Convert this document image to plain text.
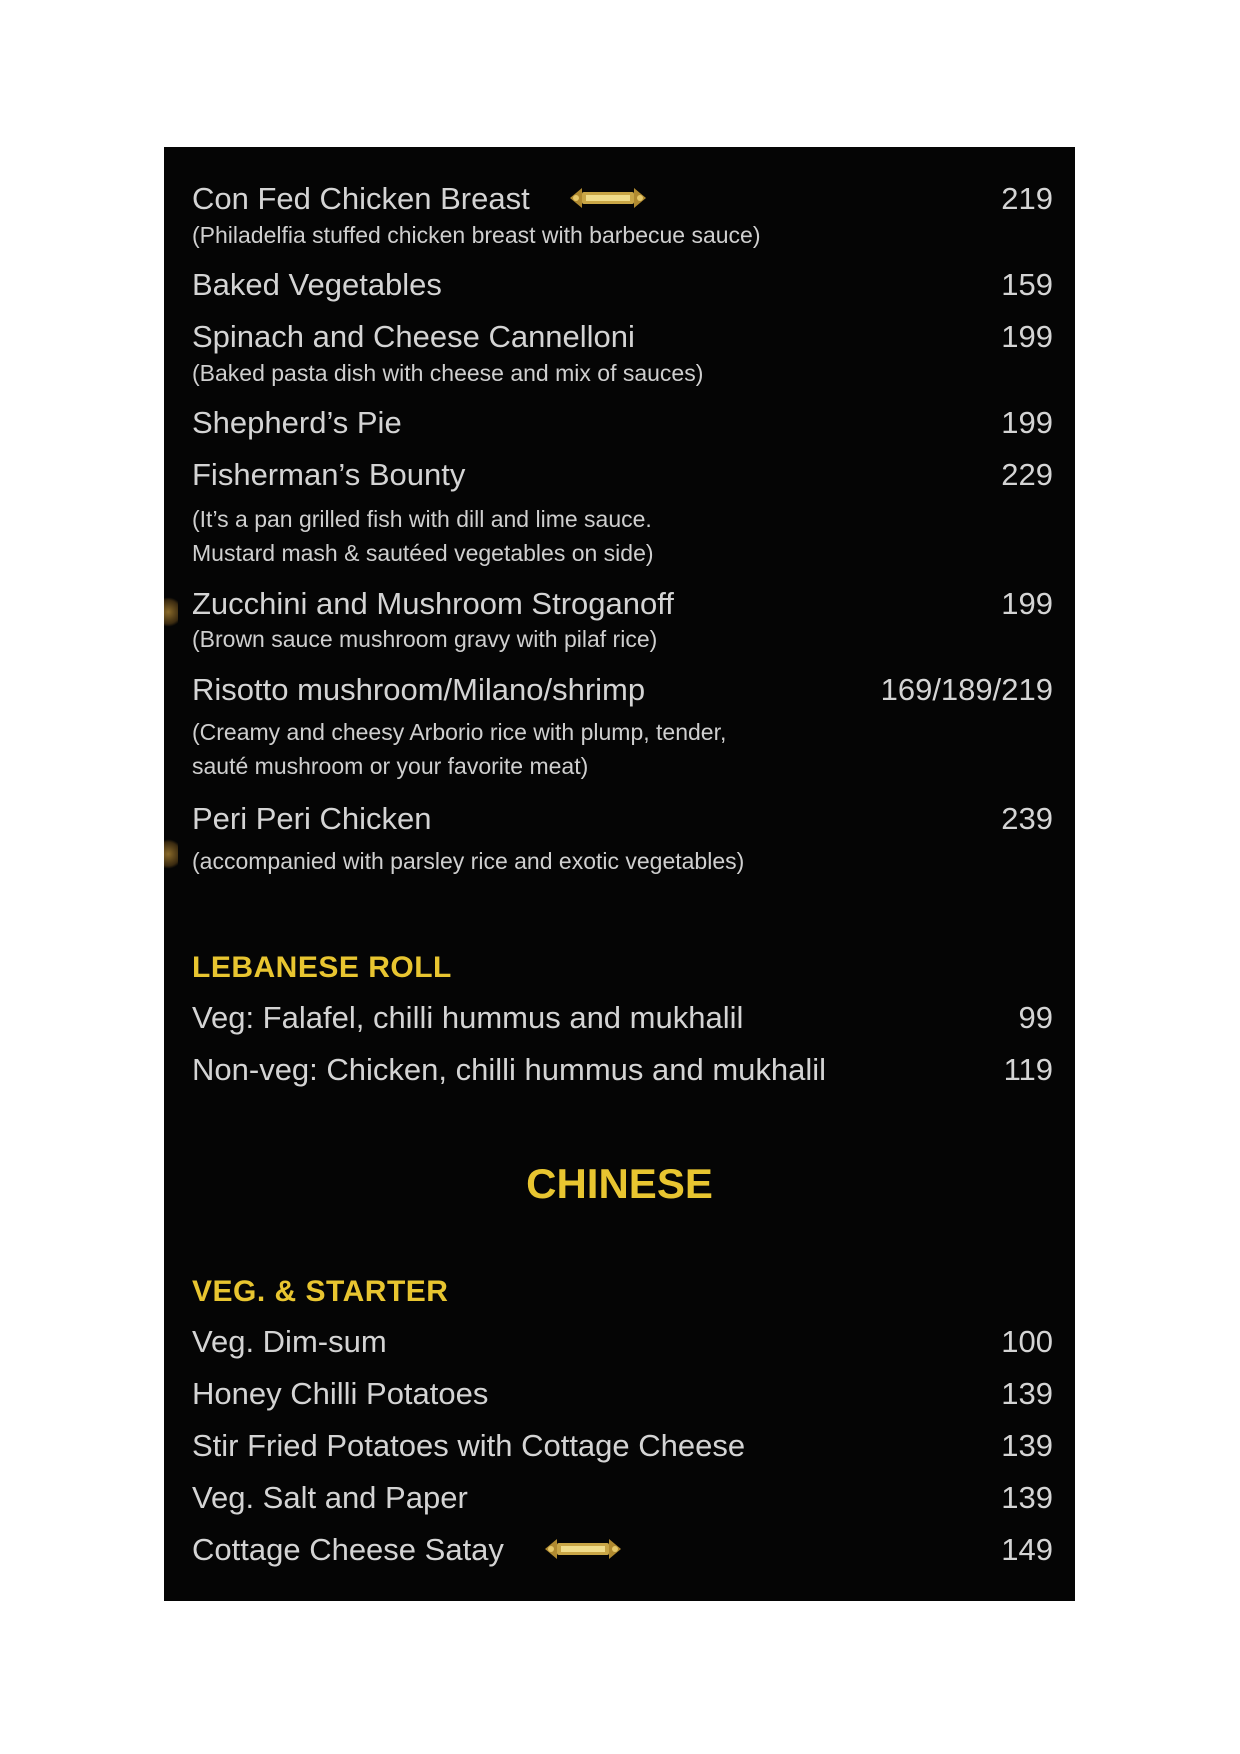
Con Fed Chicken Breast	219
(Philadelfia stuffed chicken breast with barbecue sauce)
Baked Vegetables	159
Spinach and Cheese Cannelloni	199
(Baked pasta dish with cheese and mix of sauces)
Shepherd’s Pie	199
Fisherman’s Bounty	229
(It’s a pan grilled fish with dill and lime sauce.
Mustard mash & sautéed vegetables on side)
Zucchini and Mushroom Stroganoff	199
(Brown sauce mushroom gravy with pilaf rice)
Risotto mushroom/Milano/shrimp	169/189/219
(Creamy and cheesy Arborio rice with plump, tender,
sauté mushroom or your favorite meat)
Peri Peri Chicken	239
(accompanied with parsley rice and exotic vegetables)
LEBANESE ROLL
Veg: Falafel, chilli hummus and mukhalil	99
Non-veg: Chicken, chilli hummus and mukhalil	119
CHINESE
VEG. & STARTER
Veg. Dim-sum	100
Honey Chilli Potatoes	139
Stir Fried Potatoes with Cottage Cheese	139
Veg. Salt and Paper	139
Cottage Cheese Satay	149
